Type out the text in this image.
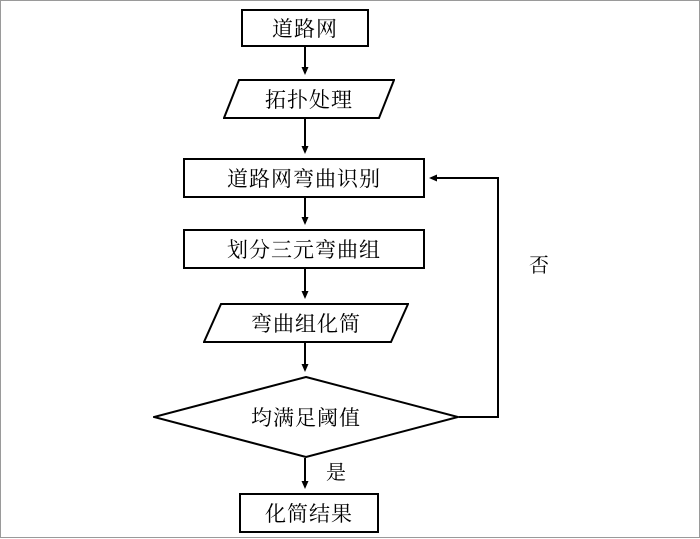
道路网
拓扑处理
道路网弯曲识别
划分三元弯曲组
弯曲组化简
均满足阈值
化简结果
否
是
